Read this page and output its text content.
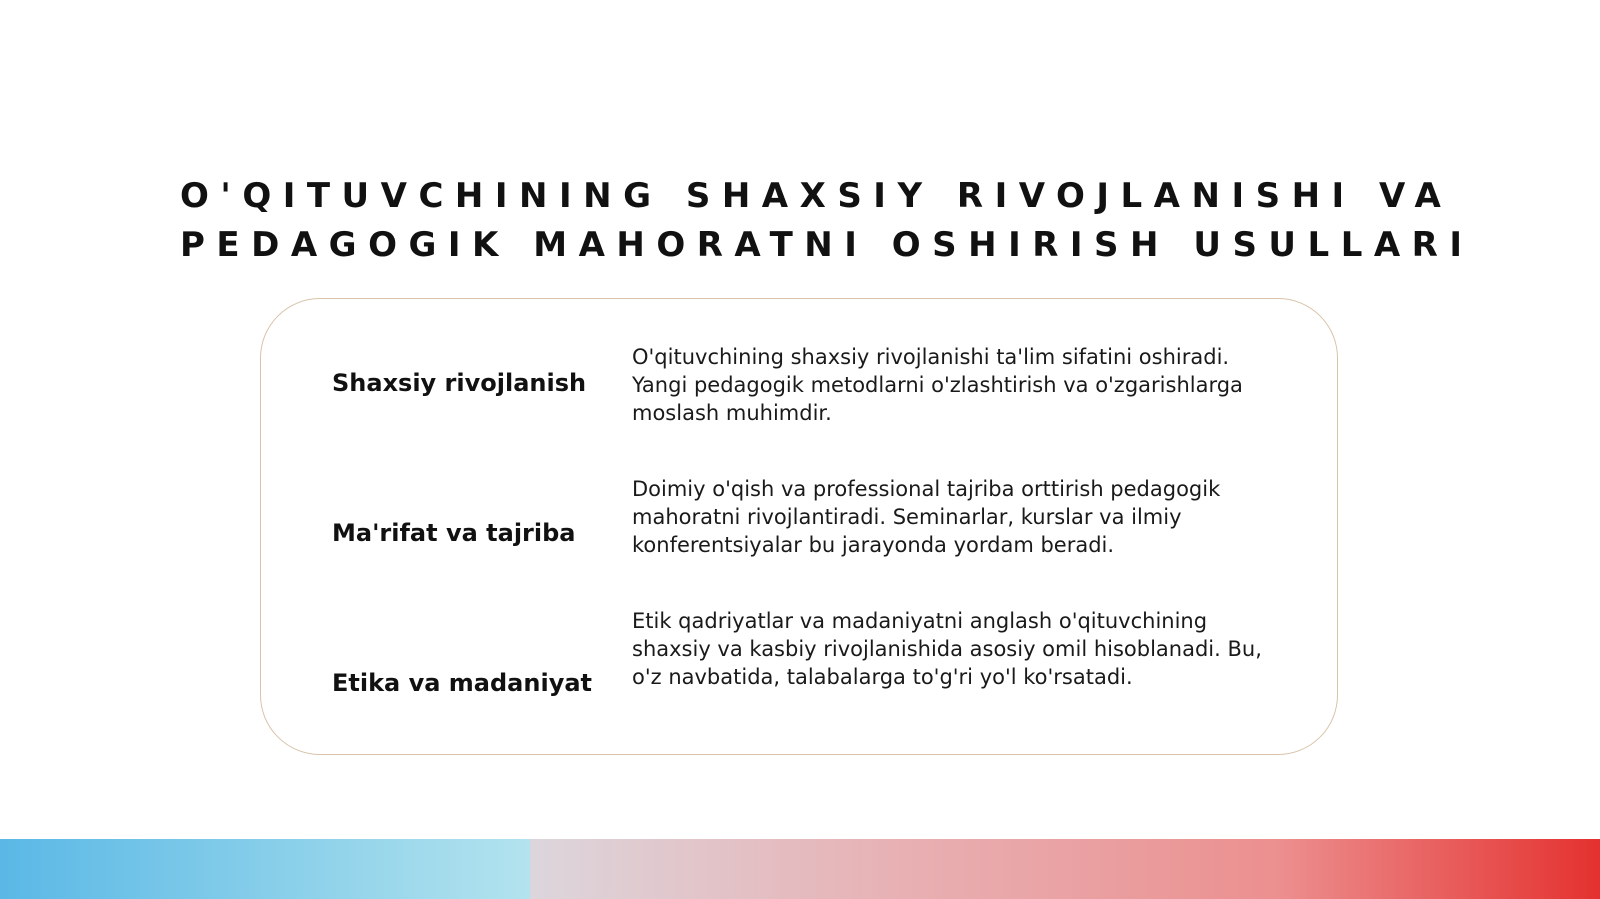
O'QITUVCHINING SHAXSIY RIVOJLANISHI VA
PEDAGOGIK MAHORATNI OSHIRISH USULLARI

Shaxsiy rivojlanish

O'qituvchining shaxsiy rivojlanishi ta'lim sifatini oshiradi.
Yangi pedagogik metodlarni o'zlashtirish va o'zgarishlarga
moslash muhimdir.

Ma'rifat va tajriba

Doimiy o'qish va professional tajriba orttirish pedagogik
mahoratni rivojlantiradi. Seminarlar, kurslar va ilmiy
konferentsiyalar bu jarayonda yordam beradi.

Etika va madaniyat

Etik qadriyatlar va madaniyatni anglash o'qituvchining
shaxsiy va kasbiy rivojlanishida asosiy omil hisoblanadi. Bu,
o'z navbatida, talabalarga to'g'ri yo'l ko'rsatadi.
